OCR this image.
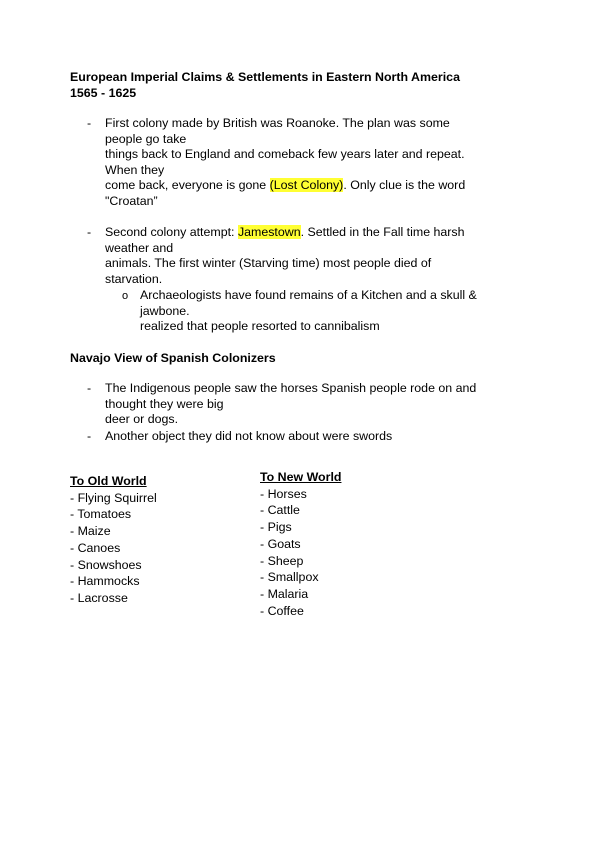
European Imperial Claims & Settlements in Eastern North America
1565 - 1625
- First colony made by British was Roanoke. The plan was some
people go take
things back to England and comeback few years later and repeat.
When they
come back, everyone is gone (Lost Colony). Only clue is the word
"Croatan”
- Second colony attempt: Jamestown. Settled in the Fall time harsh
weather and
animals. The first winter (Starving time) most people died of
starvation.
o Archaeologists have found remains of a Kitchen and a skull &
jawbone.
realized that people resorted to cannibalism
Navajo View of Spanish Colonizers
- The Indigenous people saw the horses Spanish people rode on and
thought they were big
deer or dogs.
- Another object they did not know about were swords
To Old World
- Flying Squirrel
- Tomatoes
- Maize
- Canoes
- Snowshoes
- Hammocks
- Lacrosse
To New World
- Horses
- Cattle
- Pigs
- Goats
- Sheep
- Smallpox
- Malaria
- Coffee
